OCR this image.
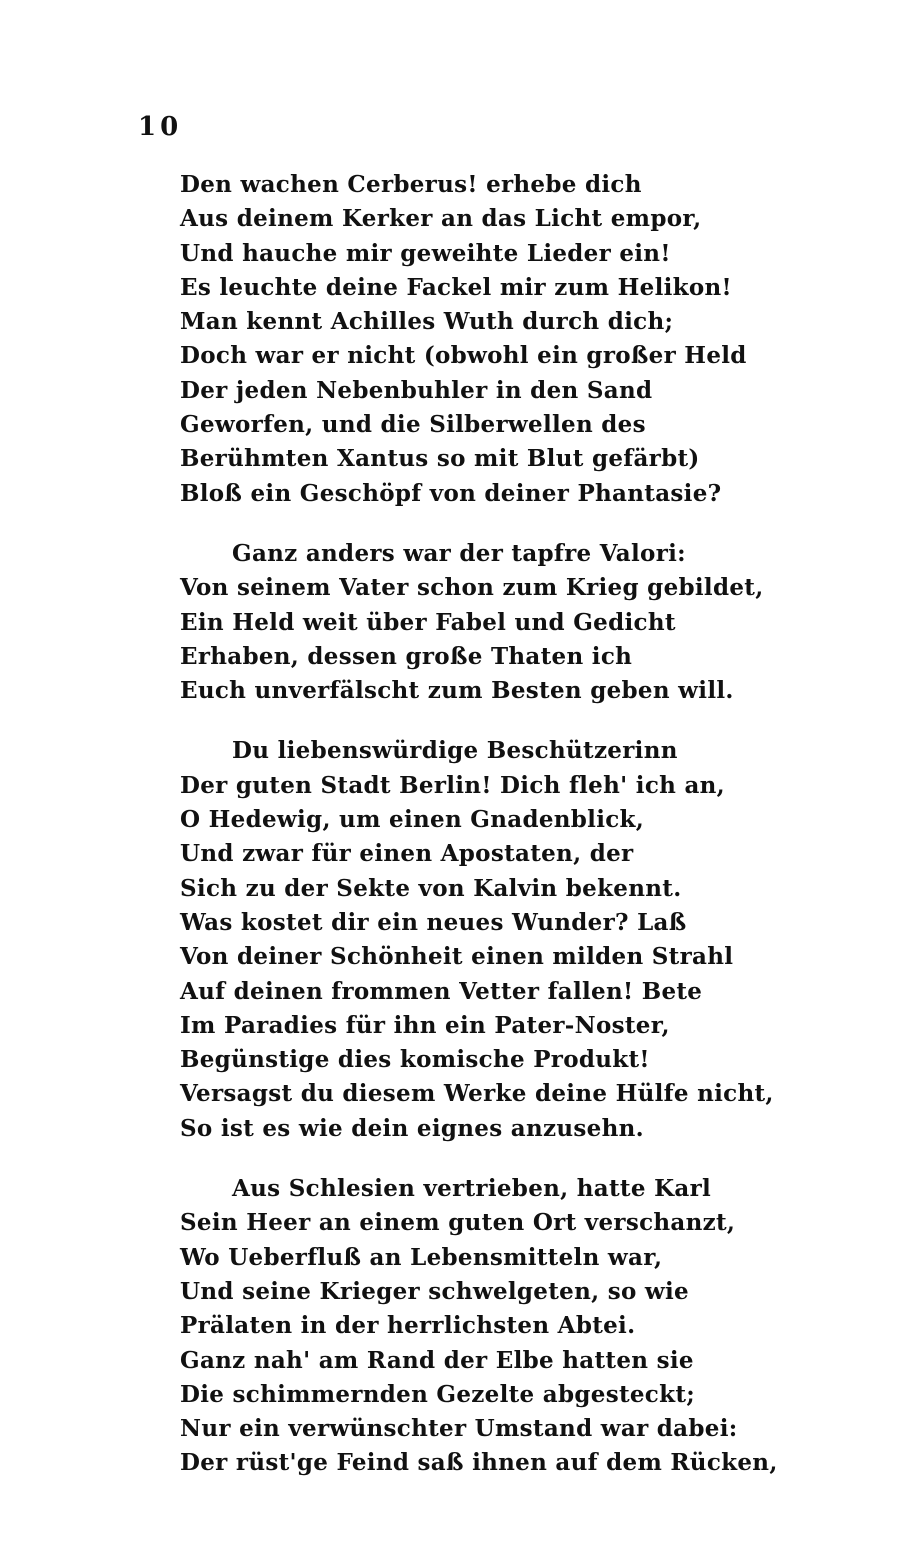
10
Den wachen Cerberus! erhebe dich
Aus deinem Kerker an das Licht empor,
Und hauche mir geweihte Lieder ein!
Es leuchte deine Fackel mir zum Helikon!
Man kennt Achilles Wuth durch dich;
Doch war er nicht (obwohl ein großer Held
Der jeden Nebenbuhler in den Sand
Geworfen, und die Silberwellen des
Berühmten Xantus so mit Blut gefärbt)
Bloß ein Geschöpf von deiner Phantasie?
Ganz anders war der tapfre Valori:
Von seinem Vater schon zum Krieg gebildet,
Ein Held weit über Fabel und Gedicht
Erhaben, dessen große Thaten ich
Euch unverfälscht zum Besten geben will.
Du liebenswürdige Beschützerinn
Der guten Stadt Berlin! Dich fleh' ich an,
O Hedewig, um einen Gnadenblick,
Und zwar für einen Apostaten, der
Sich zu der Sekte von Kalvin bekennt.
Was kostet dir ein neues Wunder? Laß
Von deiner Schönheit einen milden Strahl
Auf deinen frommen Vetter fallen! Bete
Im Paradies für ihn ein Pater-Noster,
Begünstige dies komische Produkt!
Versagst du diesem Werke deine Hülfe nicht,
So ist es wie dein eignes anzusehn.
Aus Schlesien vertrieben, hatte Karl
Sein Heer an einem guten Ort verschanzt,
Wo Ueberfluß an Lebensmitteln war,
Und seine Krieger schwelgeten, so wie
Prälaten in der herrlichsten Abtei.
Ganz nah' am Rand der Elbe hatten sie
Die schimmernden Gezelte abgesteckt;
Nur ein verwünschter Umstand war dabei:
Der rüst'ge Feind saß ihnen auf dem Rücken,
